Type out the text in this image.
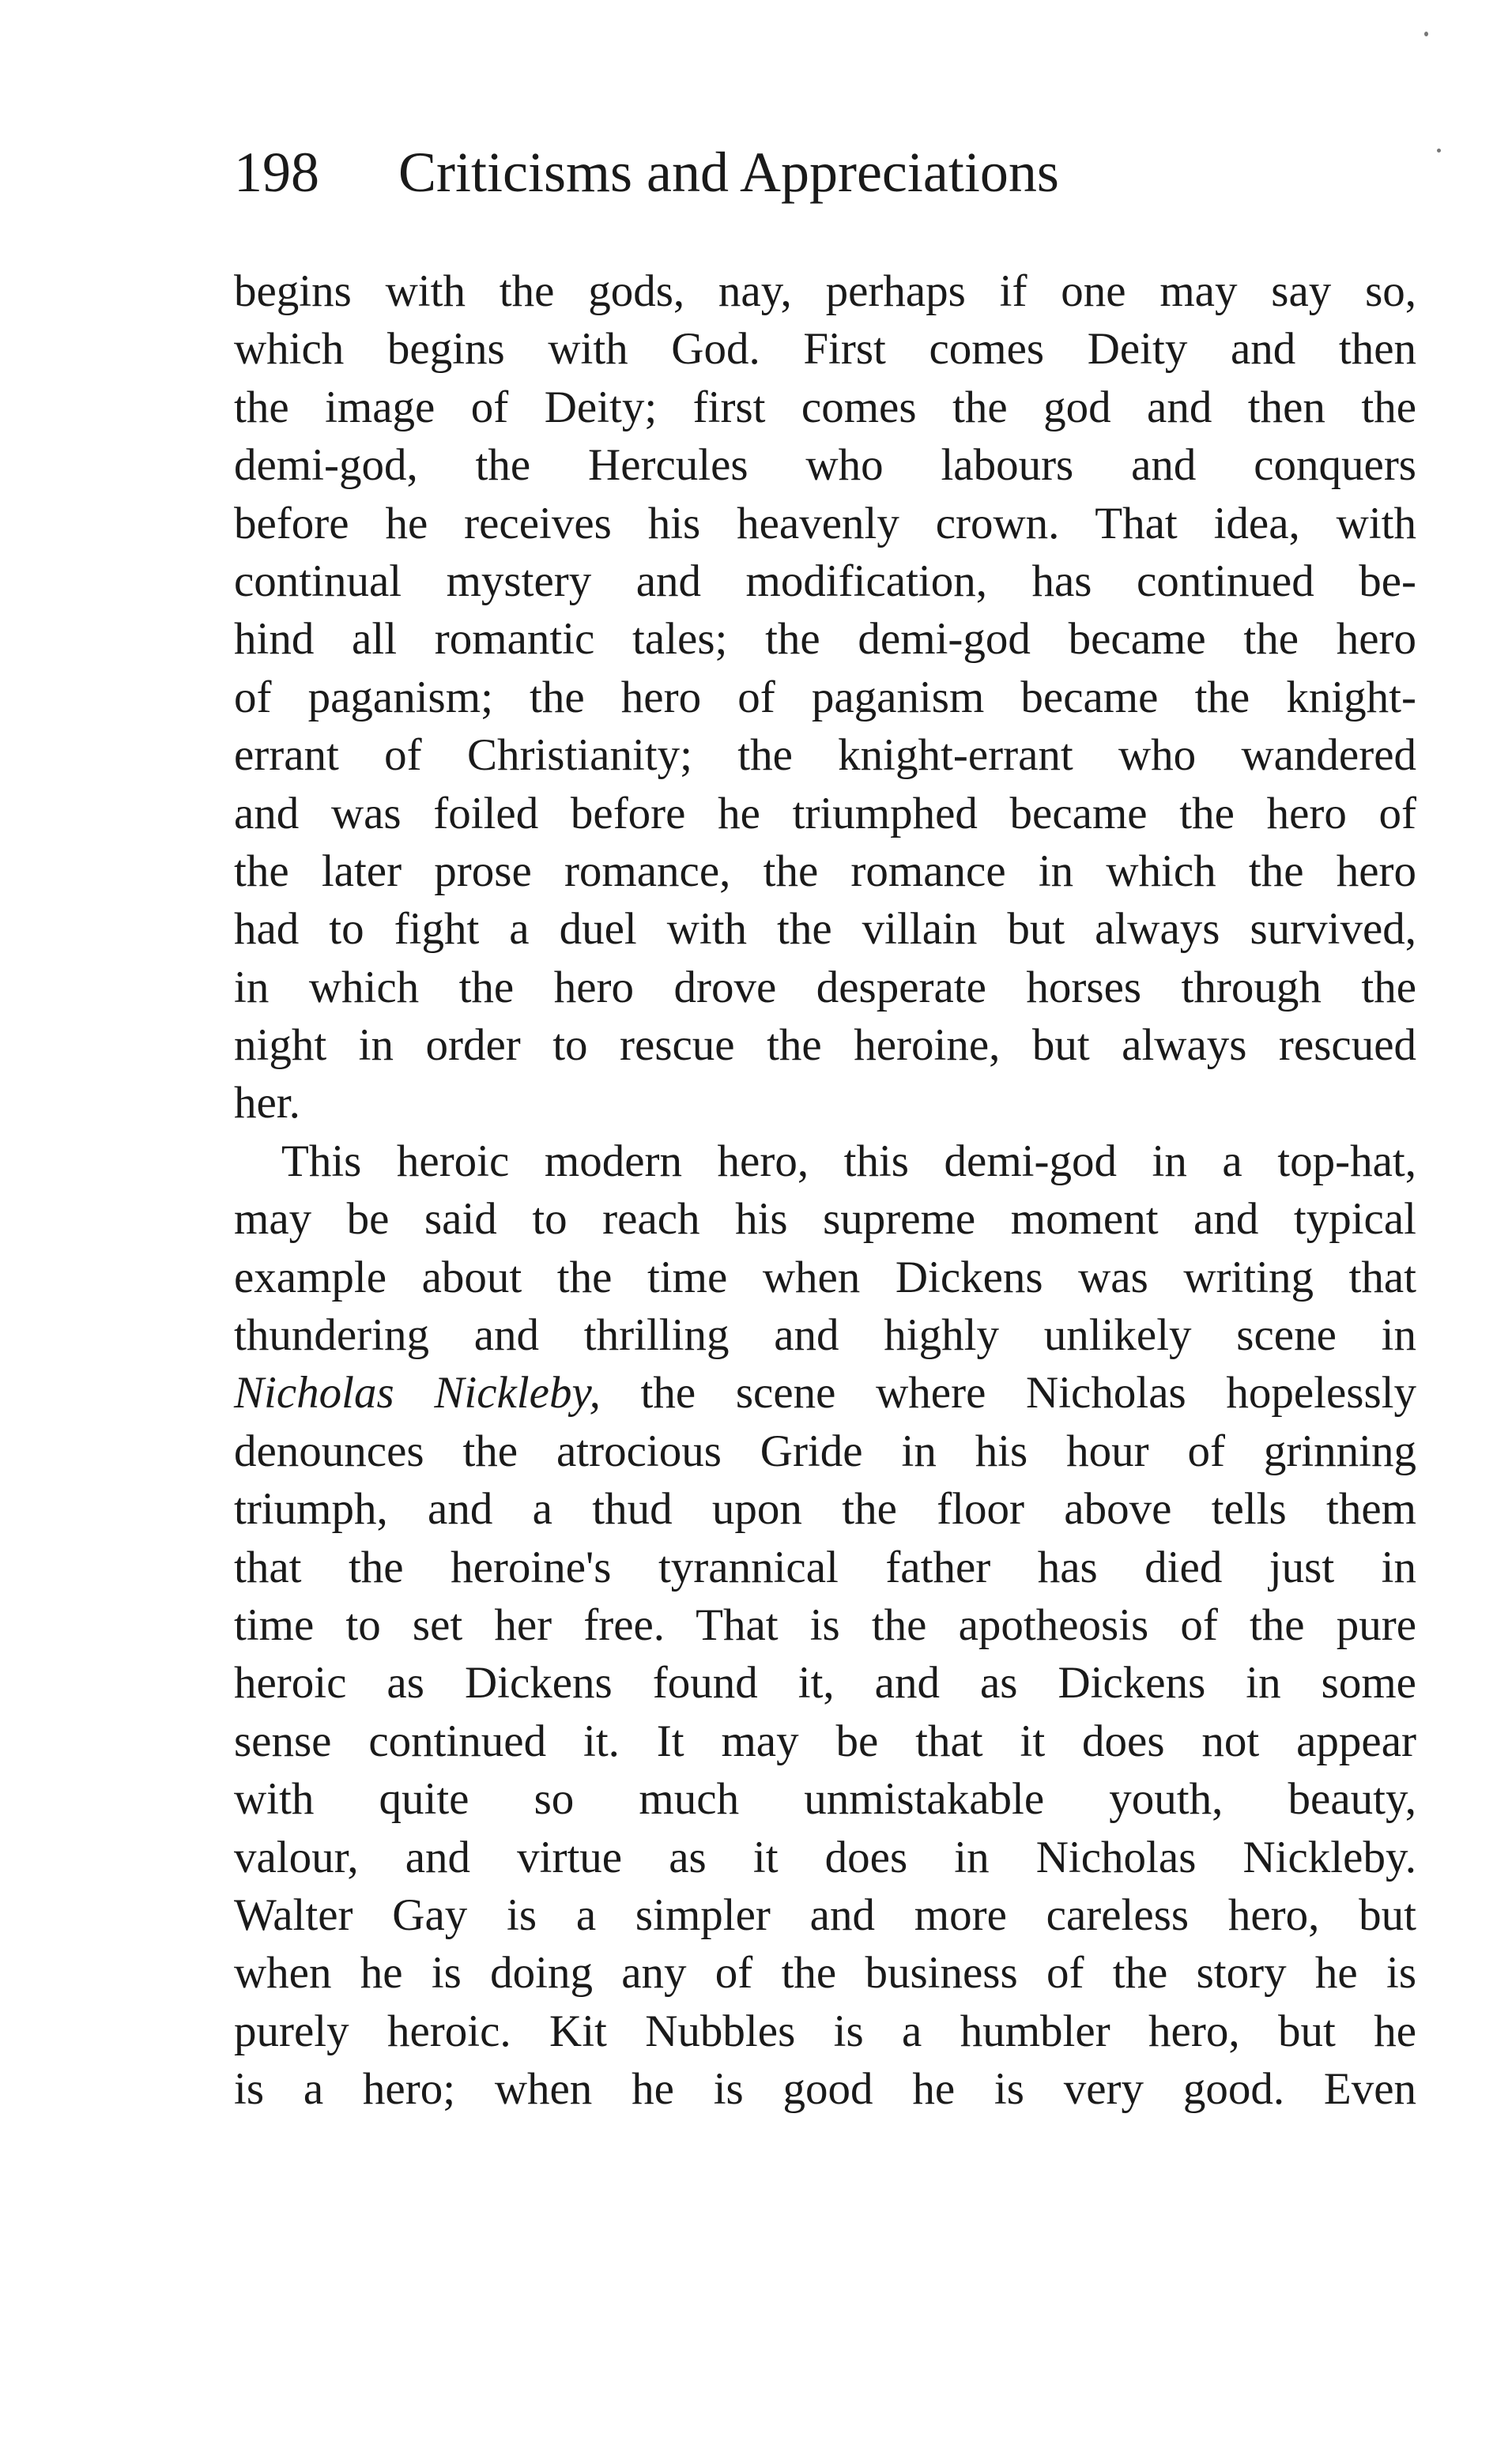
198 Criticisms and Appreciations
begins with the gods, nay, perhaps if one may say so,
which begins with God. First comes Deity and then
the image of Deity; first comes the god and then the
demi-god, the Hercules who labours and conquers
before he receives his heavenly crown. That idea, with
continual mystery and modification, has continued be-
hind all romantic tales; the demi-god became the hero
of paganism; the hero of paganism became the knight-
errant of Christianity; the knight-errant who wandered
and was foiled before he triumphed became the hero of
the later prose romance, the romance in which the hero
had to fight a duel with the villain but always survived,
in which the hero drove desperate horses through the
night in order to rescue the heroine, but always rescued
her.
This heroic modern hero, this demi-god in a top-hat,
may be said to reach his supreme moment and typical
example about the time when Dickens was writing that
thundering and thrilling and highly unlikely scene in
Nicholas Nickleby, the scene where Nicholas hopelessly
denounces the atrocious Gride in his hour of grinning
triumph, and a thud upon the floor above tells them
that the heroine's tyrannical father has died just in
time to set her free. That is the apotheosis of the pure
heroic as Dickens found it, and as Dickens in some
sense continued it. It may be that it does not appear
with quite so much unmistakable youth, beauty,
valour, and virtue as it does in Nicholas Nickleby.
Walter Gay is a simpler and more careless hero, but
when he is doing any of the business of the story he is
purely heroic. Kit Nubbles is a humbler hero, but he
is a hero; when he is good he is very good. Even
